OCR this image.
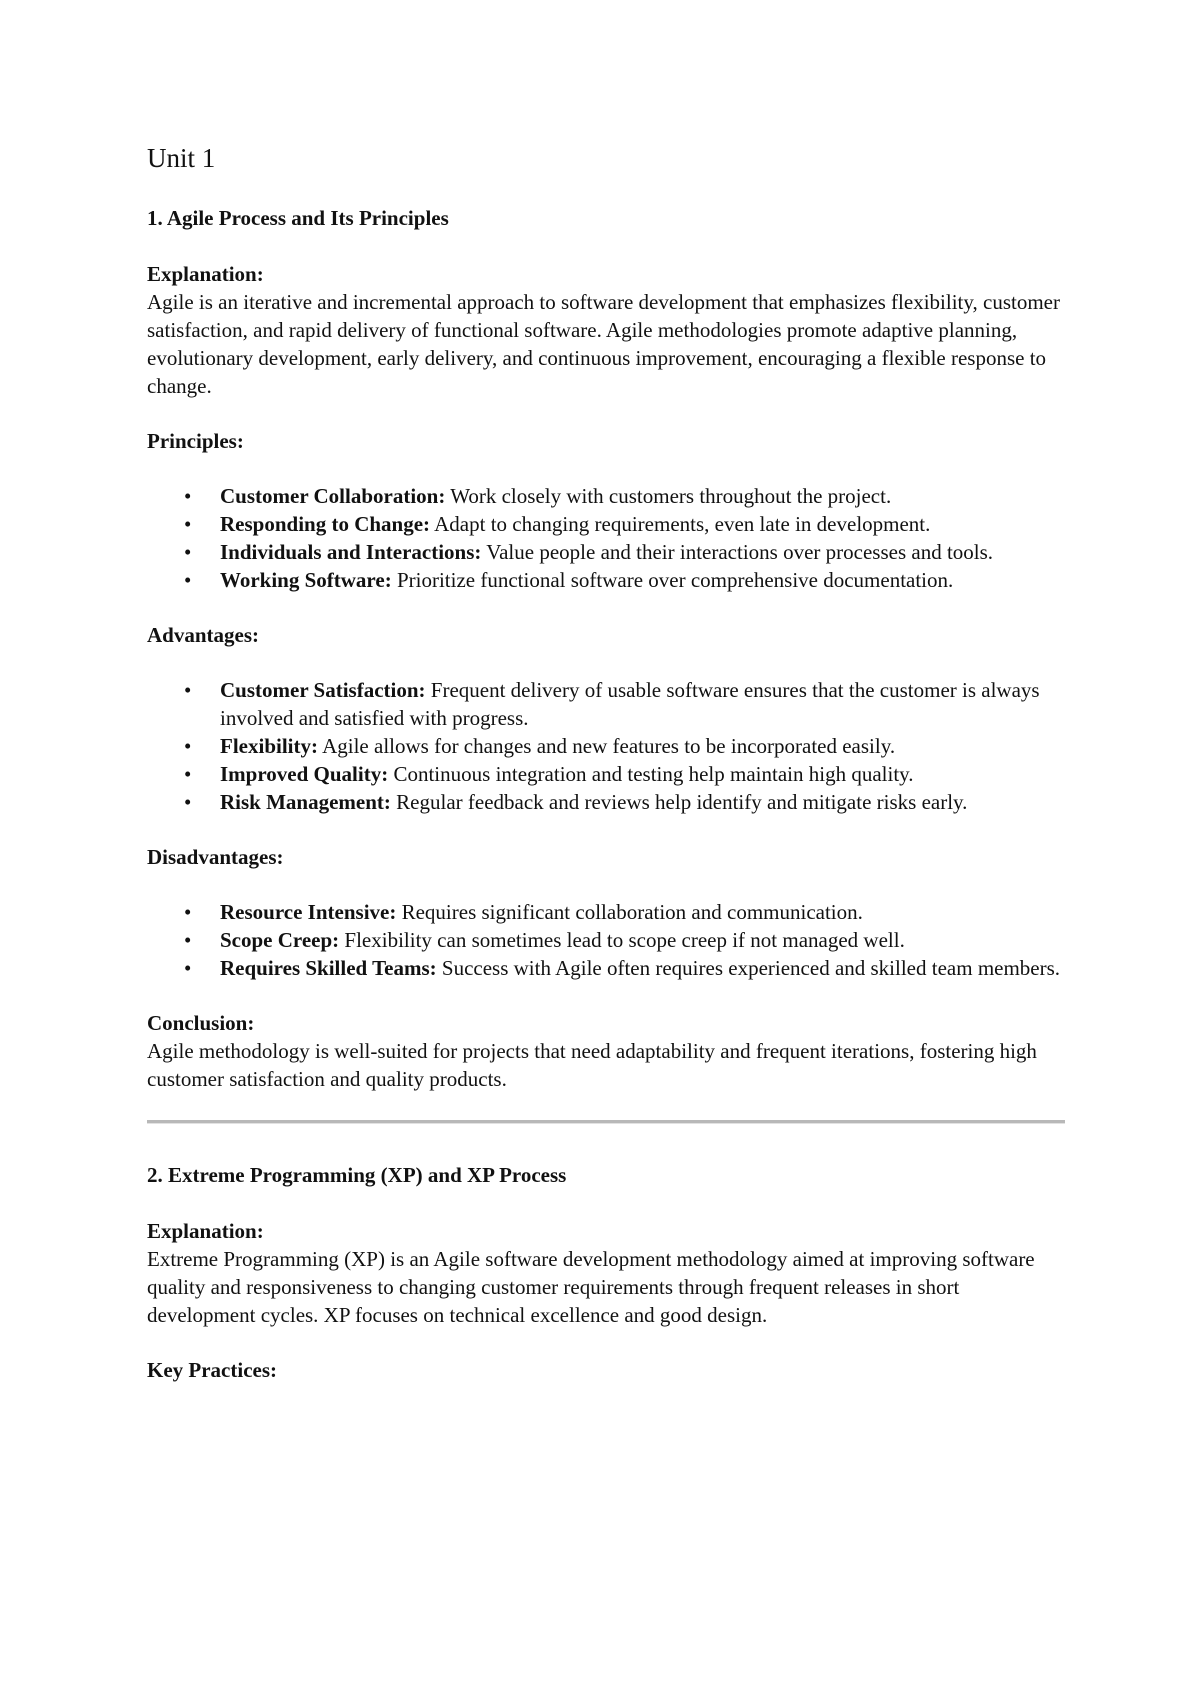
Unit 1
1. Agile Process and Its Principles
Explanation:
Agile is an iterative and incremental approach to software development that emphasizes flexibility, customer satisfaction, and rapid delivery of functional software. Agile methodologies promote adaptive planning, evolutionary development, early delivery, and continuous improvement, encouraging a flexible response to change.
Principles:
• Customer Collaboration: Work closely with customers throughout the project.
• Responding to Change: Adapt to changing requirements, even late in development.
• Individuals and Interactions: Value people and their interactions over processes and tools.
• Working Software: Prioritize functional software over comprehensive documentation.
Advantages:
• Customer Satisfaction: Frequent delivery of usable software ensures that the customer is always involved and satisfied with progress.
• Flexibility: Agile allows for changes and new features to be incorporated easily.
• Improved Quality: Continuous integration and testing help maintain high quality.
• Risk Management: Regular feedback and reviews help identify and mitigate risks early.
Disadvantages:
• Resource Intensive: Requires significant collaboration and communication.
• Scope Creep: Flexibility can sometimes lead to scope creep if not managed well.
• Requires Skilled Teams: Success with Agile often requires experienced and skilled team members.
Conclusion:
Agile methodology is well-suited for projects that need adaptability and frequent iterations, fostering high customer satisfaction and quality products.
2. Extreme Programming (XP) and XP Process
Explanation:
Extreme Programming (XP) is an Agile software development methodology aimed at improving software quality and responsiveness to changing customer requirements through frequent releases in short development cycles. XP focuses on technical excellence and good design.
Key Practices:
